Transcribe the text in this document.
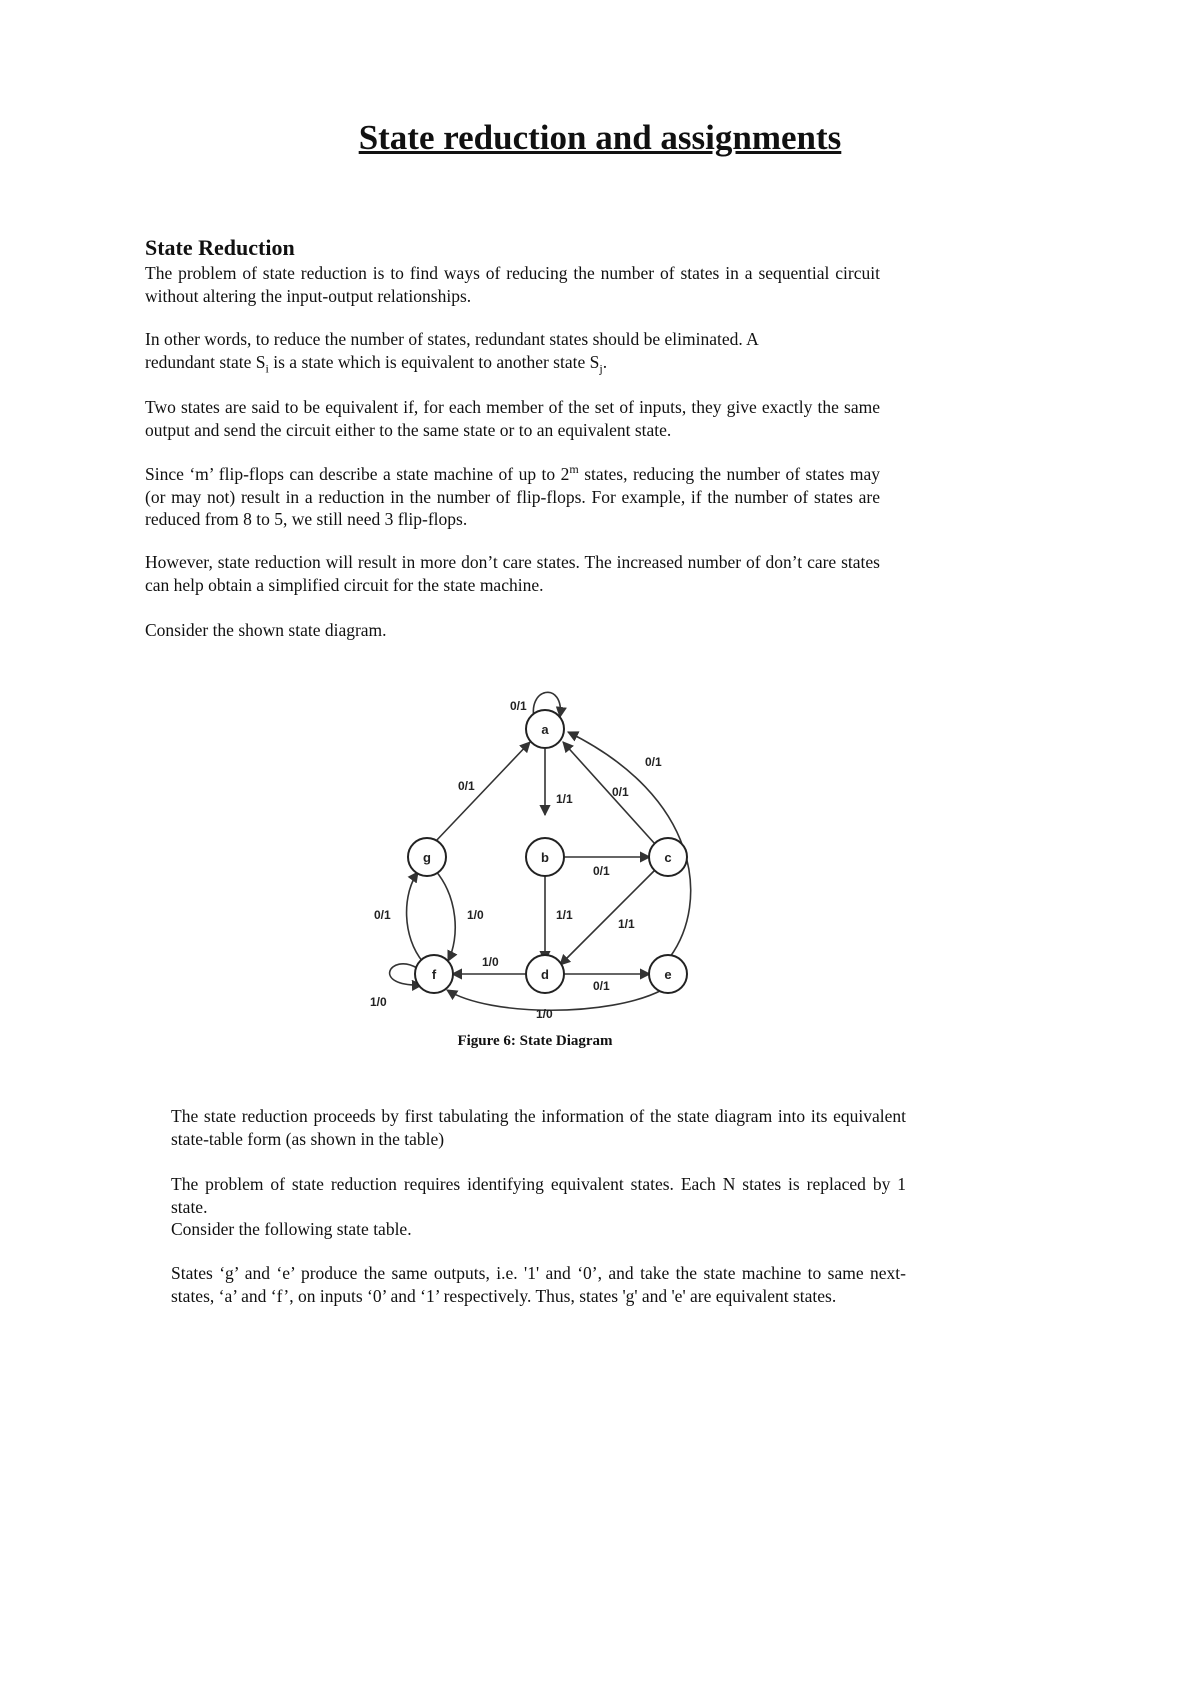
State reduction and assignments
State Reduction

The problem of state reduction is to find ways of reducing the number of states in a sequential circuit without altering the input-output relationships.

In other words, to reduce the number of states, redundant states should be eliminated. A
redundant state $S_i$ is a state which is equivalent to another state $S_j$.

Two states are said to be equivalent if, for each member of the set of inputs, they give exactly the same output and send the circuit either to the same state or to an equivalent state.

Since ‘m’ flip-flops can describe a state machine of up to 2$^m$ states, reducing the number of states may (or may not) result in a reduction in the number of flip-flops. For example, if the number of states are reduced from 8 to 5, we still need 3 flip-flops.

However, state reduction will result in more don’t care states. The increased number of don’t care states can help obtain a simplified circuit for the state machine.

Consider the shown state diagram.

a
b	c
d	e
f
g
0/1
1/1
0/1	0/1
0/1
0/1
1/1
1/1
1/0
0/1
1/0
1/0
0/1
1/0

Figure 6: State Diagram

The state reduction proceeds by first tabulating the information of the state diagram into its equivalent state-table form (as shown in the table)

The problem of state reduction requires identifying equivalent states. Each N states is replaced by 1 state.
Consider the following state table.

States ‘g’ and ‘e’ produce the same outputs, i.e. '1' and ‘0’, and take the state machine to same next-states, ‘a’ and ‘f’, on inputs ‘0’ and ‘1’ respectively. Thus, states 'g' and 'e' are equivalent states.
